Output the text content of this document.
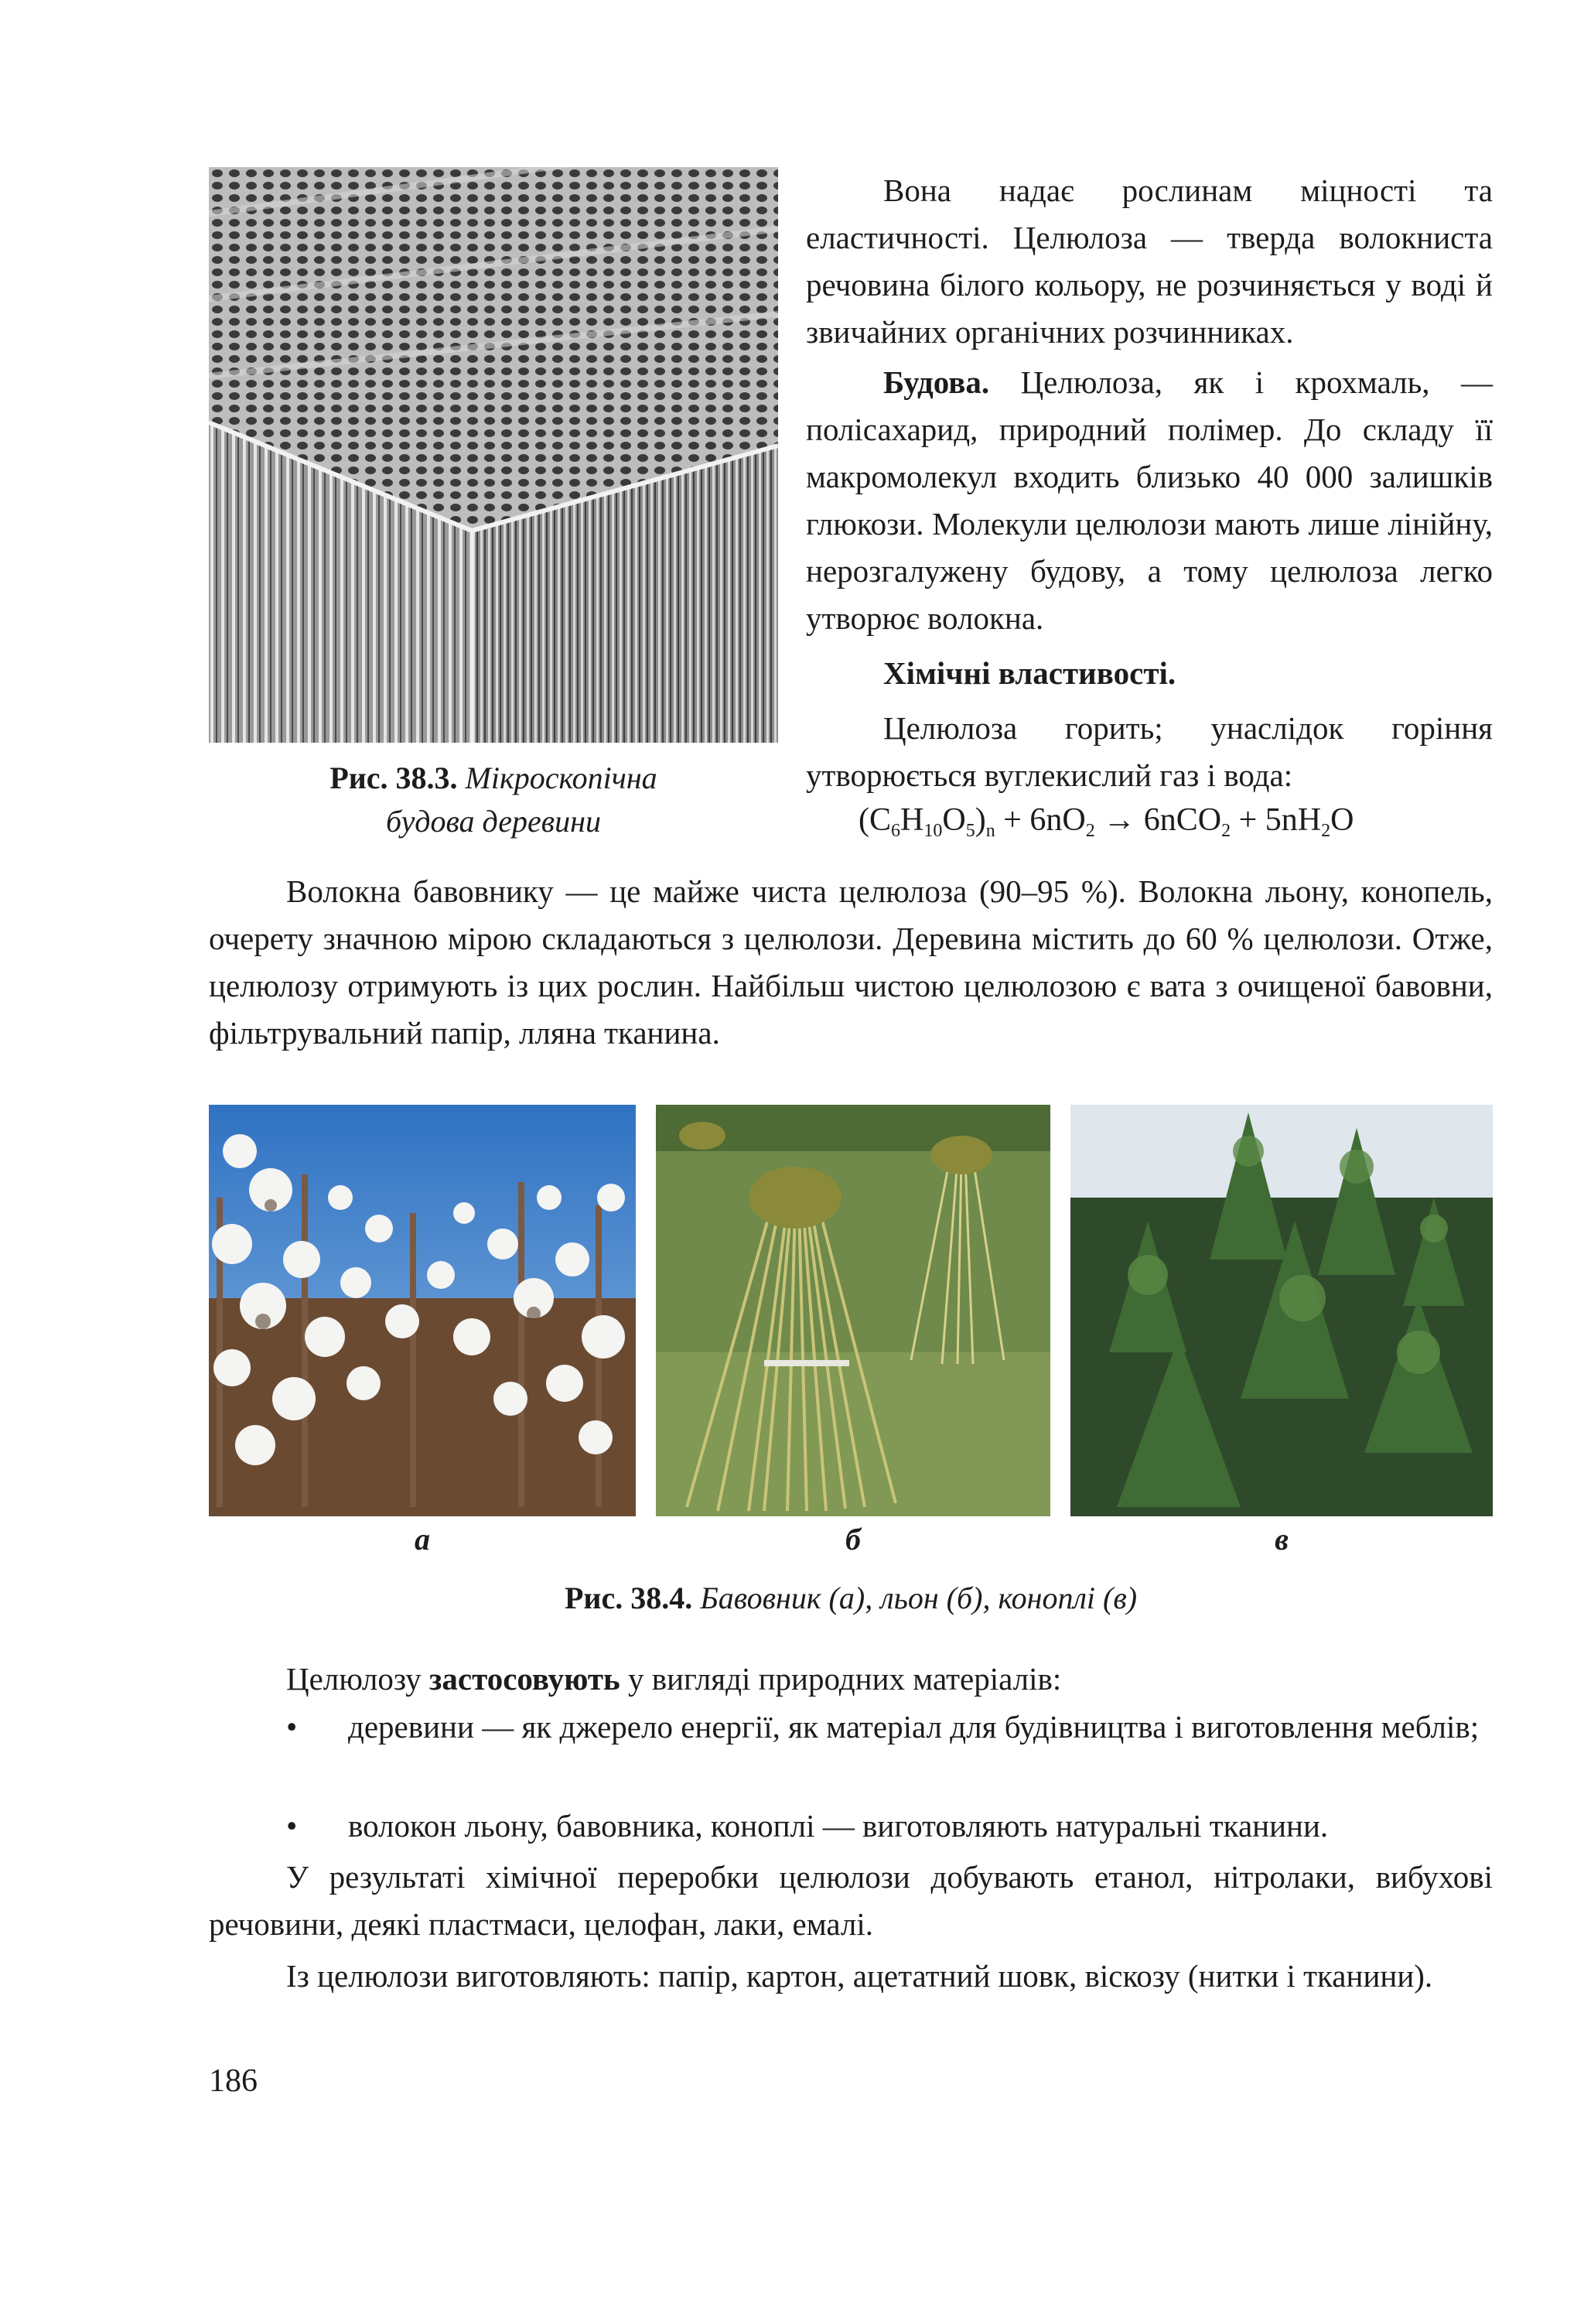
Рис. 38.3. Мікроскопічна
будова деревини

Вона надає рослинам міцності та еластичності. Целюлоза — тверда волокниста речовина білого кольору, не розчиняється у воді й звичайних органічних розчинниках.

Будова. Целюлоза, як і крохмаль, — полісахарид, природний полімер. До складу її макромолекул входить близько 40 000 залишків глюкози. Молекули целюлози мають лише лінійну, нерозгалужену будову, а тому целюлоза легко утворює волокна.

Хімічні властивості.

Целюлоза горить; унаслідок горіння утворюється вуглекислий газ і вода:

$(C_6H_{10}O_5)_n + 6nO_2 \to 6nCO_2 + 5nH_2O$

Волокна бавовнику — це майже чиста целюлоза (90–95 %). Волокна льону, конопель, очерету значною мірою складаються з целюлози. Деревина містить до 60 % целюлози. Отже, целюлозу отримують із цих рослин. Найбільш чистою целюлозою є вата з очищеної бавовни, фільтрувальний папір, лляна тканина.

а	б	в
Рис. 38.4. Бавовник (а), льон (б), коноплі (в)

Целюлозу застосовують у вигляді природних матеріалів:

• деревини — як джерело енергії, як матеріал для будівництва і виготовлення меблів;
• волокон льону, бавовника, коноплі — виготовляють натуральні тканини.

У результаті хімічної переробки целюлози добувають етанол, нітролаки, вибухові речовини, деякі пластмаси, целофан, лаки, емалі.

Із целюлози виготовляють: папір, картон, ацетатний шовк, віскозу (нитки і тканини).

186
